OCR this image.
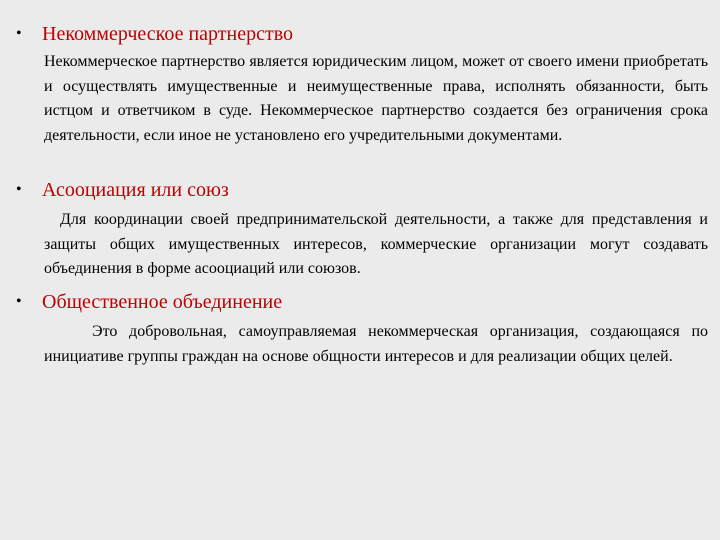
• Некоммерческое партнерство
Некоммерческое партнерство является юридическим лицом, может от своего имени приобретать и осуществлять имущественные и неимущественные права, исполнять обязанности, быть истцом и ответчиком в суде. Некоммерческое партнерство создается без ограничения срока деятельности, если иное не установлено его учредительными документами.
• Асооциация или союз
Для координации своей предпринимательской деятельности, а также для представления и защиты общих имущественных интересов, коммерческие организации могут создавать объединения в форме асооциаций или союзов.
• Общественное объединение
Это добровольная, самоуправляемая некоммерческая организация, создающаяся по инициативе группы граждан на основе общности интересов и для реализации общих целей.
